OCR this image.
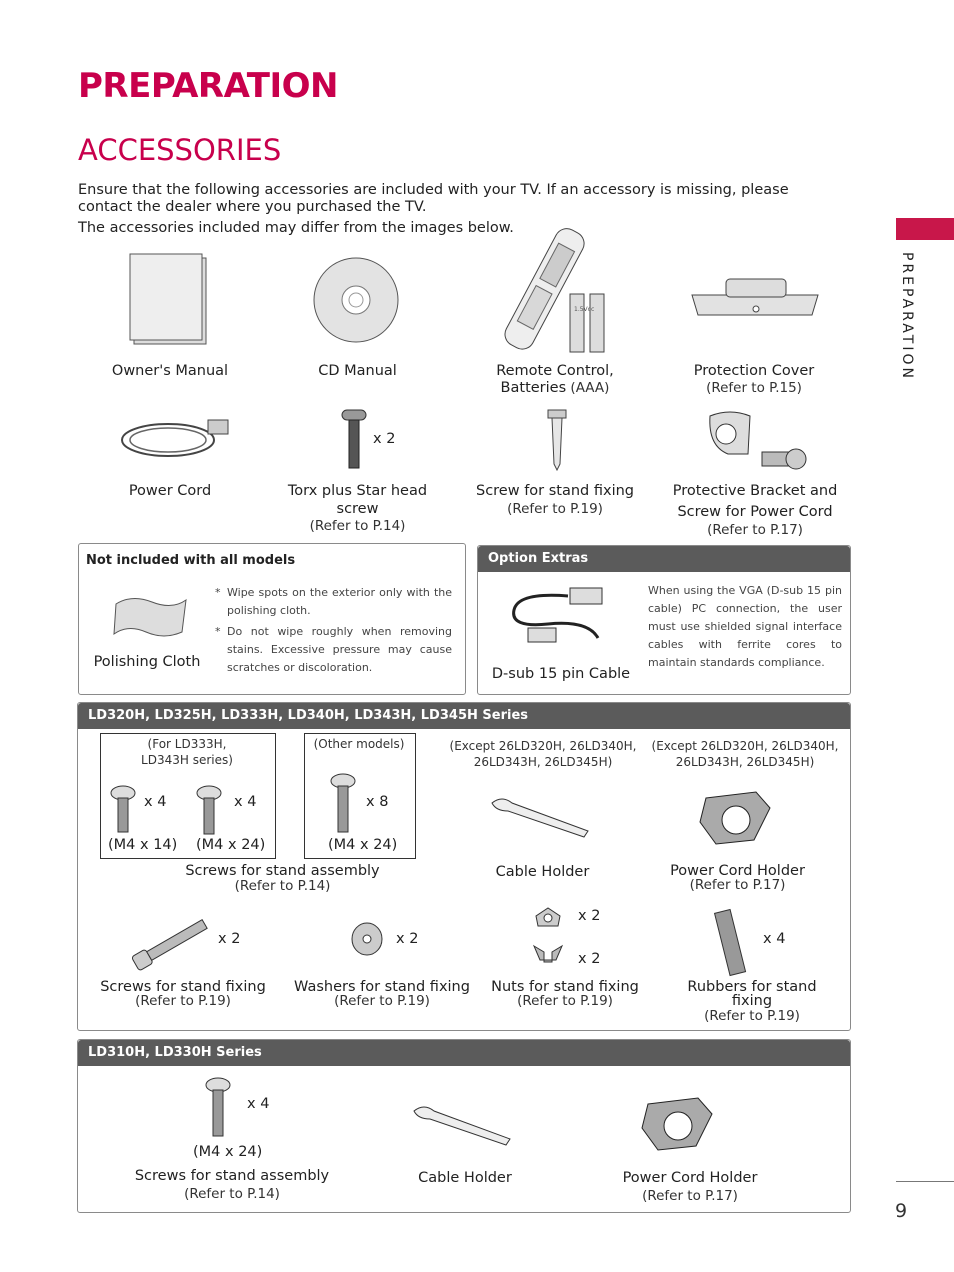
PREPARATION
ACCESSORIES
Ensure that the following accessories are included with your TV. If an accessory is missing, please
contact the dealer where you purchased the TV.
The accessories included may differ from the images below.
PREPARATION
9
1.5Vcc
Owner's Manual	CD Manual	Remote Control,
Batteries (AAA)
Protection Cover
(Refer to P.15)
x 2
Power Cord	Torx plus Star head
screw
(Refer to P.14)
Screw for stand fixing
(Refer to P.19)
Protective Bracket and
Screw for Power Cord
(Refer to P.17)
Not included with all models
Polishing Cloth
* Wipe spots on the exterior only with the polishing cloth.
* Do not wipe roughly when removing stains. Excessive pressure may cause scratches or discoloration.
Option Extras
D-sub 15 pin Cable
When using the VGA (D-sub 15 pin cable) PC connection, the user must use shielded signal interface cables with ferrite cores to maintain standards compliance.
LD320H, LD325H, LD333H, LD340H, LD343H, LD345H Series
(For LD333H,
LD343H series)
x 4	x 4
(M4 x 14) (M4 x 24)
(Other models)
x 8
(M4 x 24)
Screws for stand assembly
(Refer to P.14)
(Except 26LD320H, 26LD340H,
26LD343H, 26LD345H)
Cable Holder
(Except 26LD320H, 26LD340H,
26LD343H, 26LD345H)
Power Cord Holder
(Refer to P.17)
x 2	x 2
x 2
x 2
x 4
Screws for stand fixing
(Refer to P.19)
Washers for stand fixing
(Refer to P.19)
Nuts for stand fixing
(Refer to P.19)
Rubbers for stand
fixing
(Refer to P.19)
LD310H, LD330H Series
x 4
(M4 x 24)
Screws for stand assembly
(Refer to P.14)
Cable Holder	Power Cord Holder
(Refer to P.17)
